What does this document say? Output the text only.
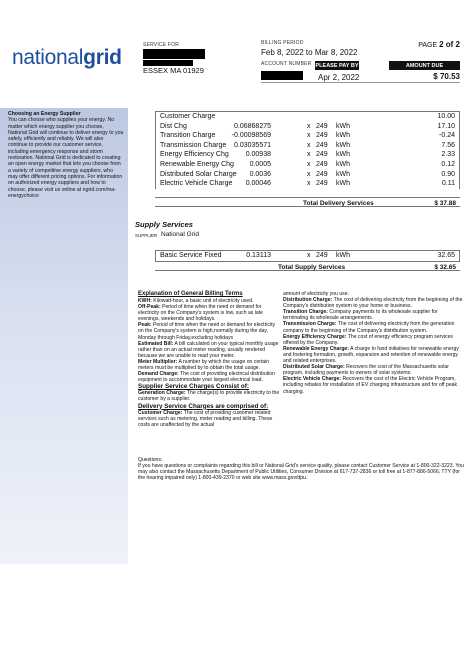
nationalgrid
SERVICE FOR
ESSEX MA 01929
BILLING PERIOD
Feb 8, 2022 to Mar 8, 2022
PAGE 2 of 2
ACCOUNT NUMBER PLEASE PAY BY	AMOUNT DUE
Apr 2, 2022	$ 70.53
Choosing an Energy Supplier
You can choose who supplies your energy. No matter which energy supplier you choose, National Grid will continue to deliver energy to you safely, efficiently and reliably. We will also continue to provide our customer service, including emergency response and storm restoration. National Grid is dedicated to creating an open energy market that lets you choose from a variety of competitive energy suppliers, who may offer different pricing options. For information on authorized energy suppliers and how to choose, please visit us online at ngrid.com/ma-energychoice
Customer Charge	10.00
Dist Chg	0.06868275	x 249 kWh	17.10
Transition Charge -0.00098569	x 249 kWh	-0.24
Transmission Charge 0.03035571	x 249 kWh	7.56
Energy Efficiency Chg 0.00938	x 249 kWh	2.33
Renewable Energy Chg 0.0005	x 249 kWh	0.12
Distributed Solar Charge 0.0036	x 249 kWh	0.90
Electric Vehicle Charge 0.00046	x 249 kWh	0.11
Total Delivery Services	$ 37.88
Supply Services
SUPPLIER National Grid
Basic Service Fixed	0.13113	x 249 kWh	32.65
Total Supply Services	$ 32.65
Explanation of General Billing Terms
KWH: Kilowatt-hour, a basic unit of electricity used.
Off-Peak: Period of time when the need or demand for electricity on the Company's system is low, such as late evenings, weekends and holidays.
Peak: Period of time when the need or demand for electricity on the Company's system is high,normally during the day, Monday through Friday,excluding holidays
Estimated Bill: A bill calculated on your typical monthly usage rather than on an actual meter reading, usually rendered because we are unable to read your meter.
Meter Multiplier: A number by which the usage on certain meters must be multiplied by to obtain the total usage.
Demand Charge: The cost of providing electrical distribution equipment to accommodate your largest electrical load.
Supplier Service Charges Consist of:
Generation Charge: The charge(s) to provide electricity to the customer by a supplier.
Delivery Service Charges are comprised of:
Customer Charge: The cost of providing customer related services such as metering, meter reading and billing. These costs are unaffected by the actual
amount of electricity you use.
Distribution Charge: The cost of delivering electricity from the beginning of the Company's distribution system to your home or business.
Transition Charge: Company payments to its wholesale supplier for terminating its wholesale arrangements.
Transmission Charge: The cost of delivering electricity from the generation company to the beginning of the Company's distribution system.
Energy Efficiency Charge: The cost of energy efficiency program services offered by the Company.
Renewable Energy Charge: A charge to fund initiatives for renewable energy and fostering formation, growth, expansion and retention of renewable energy and related enterprises.
Distributed Solar Charge: Recovers the cost of the Massachusetts solar program, including payments to owners of solar systems.
Electric Vehicle Charge: Recovers the cost of the Electric Vehicle Program, including rebates for installation of EV charging infrastructure and for off peak charging.
Questions:
If you have questions or complaints regarding this bill or National Grid's service quality, please contact Customer Service at 1-800-322-3223. You may also contact the Massachusetts Department of Public Utilities, Consumer Division at 617-737-2836 or toll free at 1-877-886-5066, TTY (for the hearing impaired only) 1-800-439-2370 or web site www.mass.gov/dpu.
